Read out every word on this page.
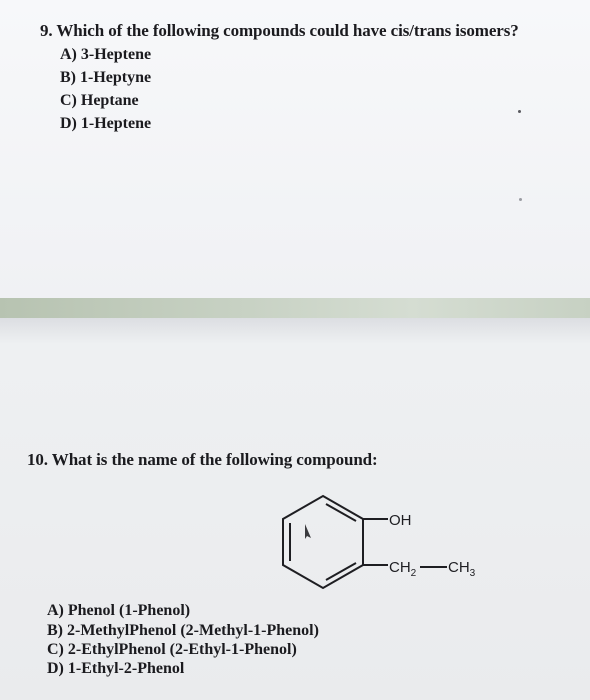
9. Which of the following compounds could have cis/trans isomers?
A) 3-Heptene
B) 1-Heptyne
C) Heptane
D) 1-Heptene
10. What is the name of the following compound:
OH
$CH_2$ $CH_3$
A) Phenol (1-Phenol)
B) 2-MethylPhenol (2-Methyl-1-Phenol)
C) 2-EthylPhenol (2-Ethyl-1-Phenol)
D) 1-Ethyl-2-Phenol
